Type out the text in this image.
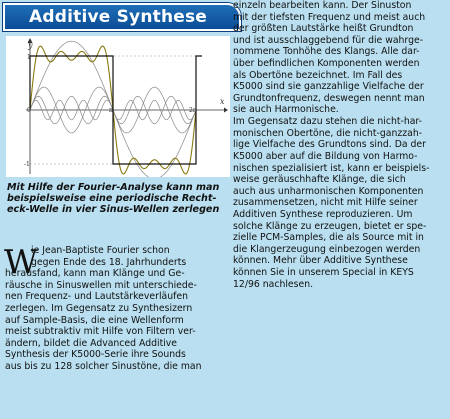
Additive Synthese
y
x
1
-1
0	π	2π
Mit Hilfe der Fourier-Analyse kann man
beispielsweise eine periodische Recht-
eck-Welle in vier Sinus-Wellen zerlegen
W
ie Jean-Baptiste Fourier schon
gegen Ende des 18. Jahrhunderts
herausfand, kann man Klänge und Ge-
räusche in Sinuswellen mit unterschiede-
nen Frequenz- und Lautstärkeverläufen
zerlegen. Im Gegensatz zu Synthesizern
auf Sample-Basis, die eine Wellenform
meist subtraktiv mit Hilfe von Filtern ver-
ändern, bildet die Advanced Additive
Synthesis der K5000-Serie ihre Sounds
aus bis zu 128 solcher Sinustöne, die man
einzeln bearbeiten kann. Der Sinuston
mit der tiefsten Frequenz und meist auch
der größten Lautstärke heißt Grundton
und ist ausschlaggebend für die wahrge-
nommene Tonhöhe des Klangs. Alle dar-
über befindlichen Komponenten werden
als Obertöne bezeichnet. Im Fall des
K5000 sind sie ganzzahlige Vielfache der
Grundtonfrequenz, deswegen nennt man
sie auch Harmonische.
Im Gegensatz dazu stehen die nicht-har-
monischen Obertöne, die nicht-ganzzah-
lige Vielfache des Grundtons sind. Da der
K5000 aber auf die Bildung von Harmo-
nischen spezialisiert ist, kann er beispiels-
weise geräuschhafte Klänge, die sich
auch aus unharmonischen Komponenten
zusammensetzen, nicht mit Hilfe seiner
Additiven Synthese reproduzieren. Um
solche Klänge zu erzeugen, bietet er spe-
zielle PCM-Samples, die als Source mit in
die Klangerzeugung einbezogen werden
können. Mehr über Additive Synthese
können Sie in unserem Special in KEYS
12/96 nachlesen.
